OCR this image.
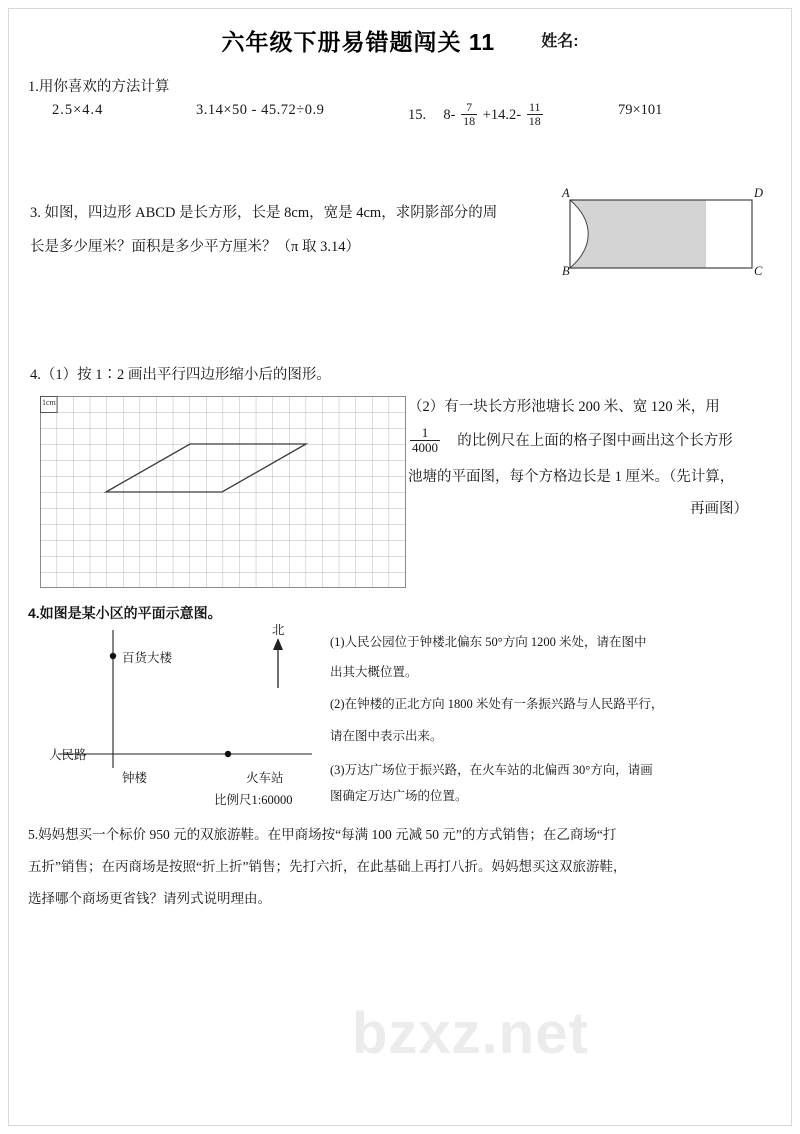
六年级下册易错题闯关 11	姓名:
1.用你喜欢的方法计算
2.5×4.4	3.14×50 - 45.72÷0.9	15. $8- \frac{7}{18} +14.2- \frac{11}{18}$	79×101
3. 如图，四边形 ABCD 是长方形，长是 8cm，宽是 4cm，求阴影部分的周
长是多少厘米？面积是多少平方厘米？（π 取 3.14）
A	D
B	C
4.（1）按 1∶2 画出平行四边形缩小后的图形。
（2）有一块长方形池塘长 200 米、宽 120 米，用
$\frac{1}{4000}$ 的比例尺在上面的格子图中画出这个长方形
池塘的平面图，每个方格边长是 1 厘米。（先计算，
再画图）
4.如图是某小区的平面示意图。
百货大楼
人民路
钟楼	火车站
比例尺1:60000
北
(1)人民公园位于钟楼北偏东 50°方向 1200 米处，请在图中
出其大概位置。
(2)在钟楼的正北方向 1800 米处有一条振兴路与人民路平行，
请在图中表示出来。
(3)万达广场位于振兴路，在火车站的北偏西 30°方向，请画
图确定万达广场的位置。
5.妈妈想买一个标价 950 元的双旅游鞋。在甲商场按“每满 100 元减 50 元”的方式销售；在乙商场“打
五折”销售；在丙商场是按照“折上折”销售；先打六折，在此基础上再打八折。妈妈想买这双旅游鞋，
选择哪个商场更省钱？请列式说明理由。
bzxz.net
